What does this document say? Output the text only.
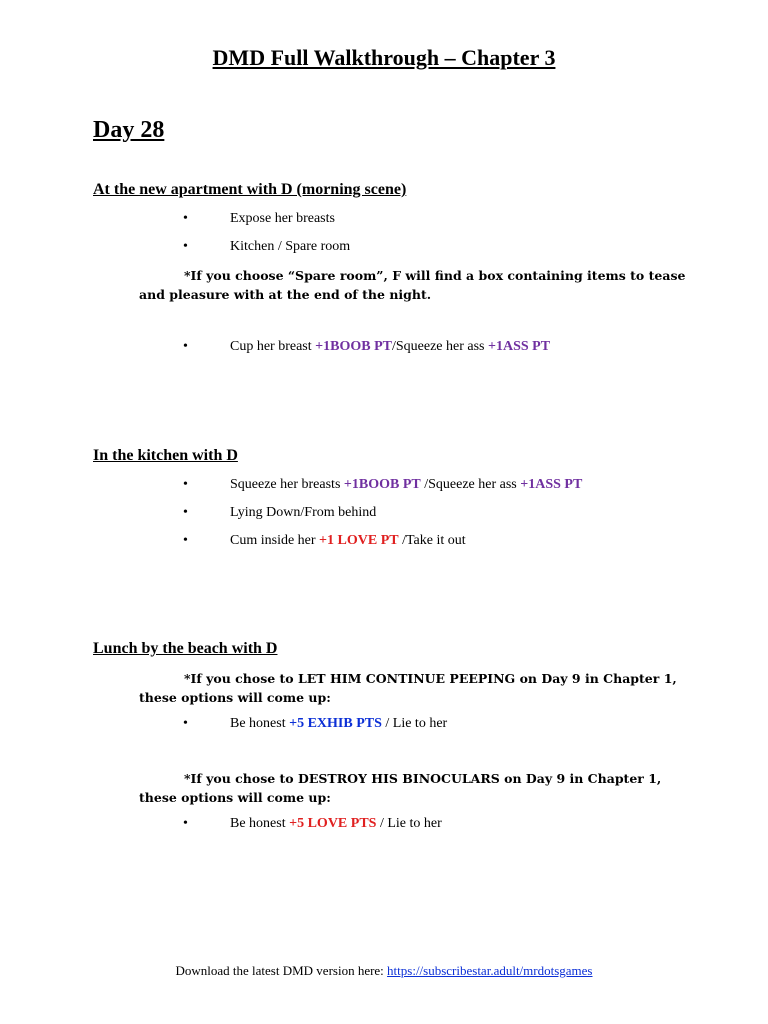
DMD Full Walkthrough – Chapter 3
Day 28
At the new apartment with D (morning scene)
•	Expose her breasts
•	Kitchen / Spare room
*If you choose “Spare room”, F will find a box containing items to tease
and pleasure with at the end of the night.
•	Cup her breast +1BOOB PT/Squeeze her ass +1ASS PT
In the kitchen with D
•	Squeeze her breasts +1BOOB PT /Squeeze her ass +1ASS PT
•	Lying Down/From behind
•	Cum inside her +1 LOVE PT /Take it out
Lunch by the beach with D
*If you chose to LET HIM CONTINUE PEEPING on Day 9 in Chapter 1,
these options will come up:
•	Be honest +5 EXHIB PTS / Lie to her
*If you chose to DESTROY HIS BINOCULARS on Day 9 in Chapter 1,
these options will come up:
•	Be honest +5 LOVE PTS / Lie to her
Download the latest DMD version here: https://subscribestar.adult/mrdotsgames
